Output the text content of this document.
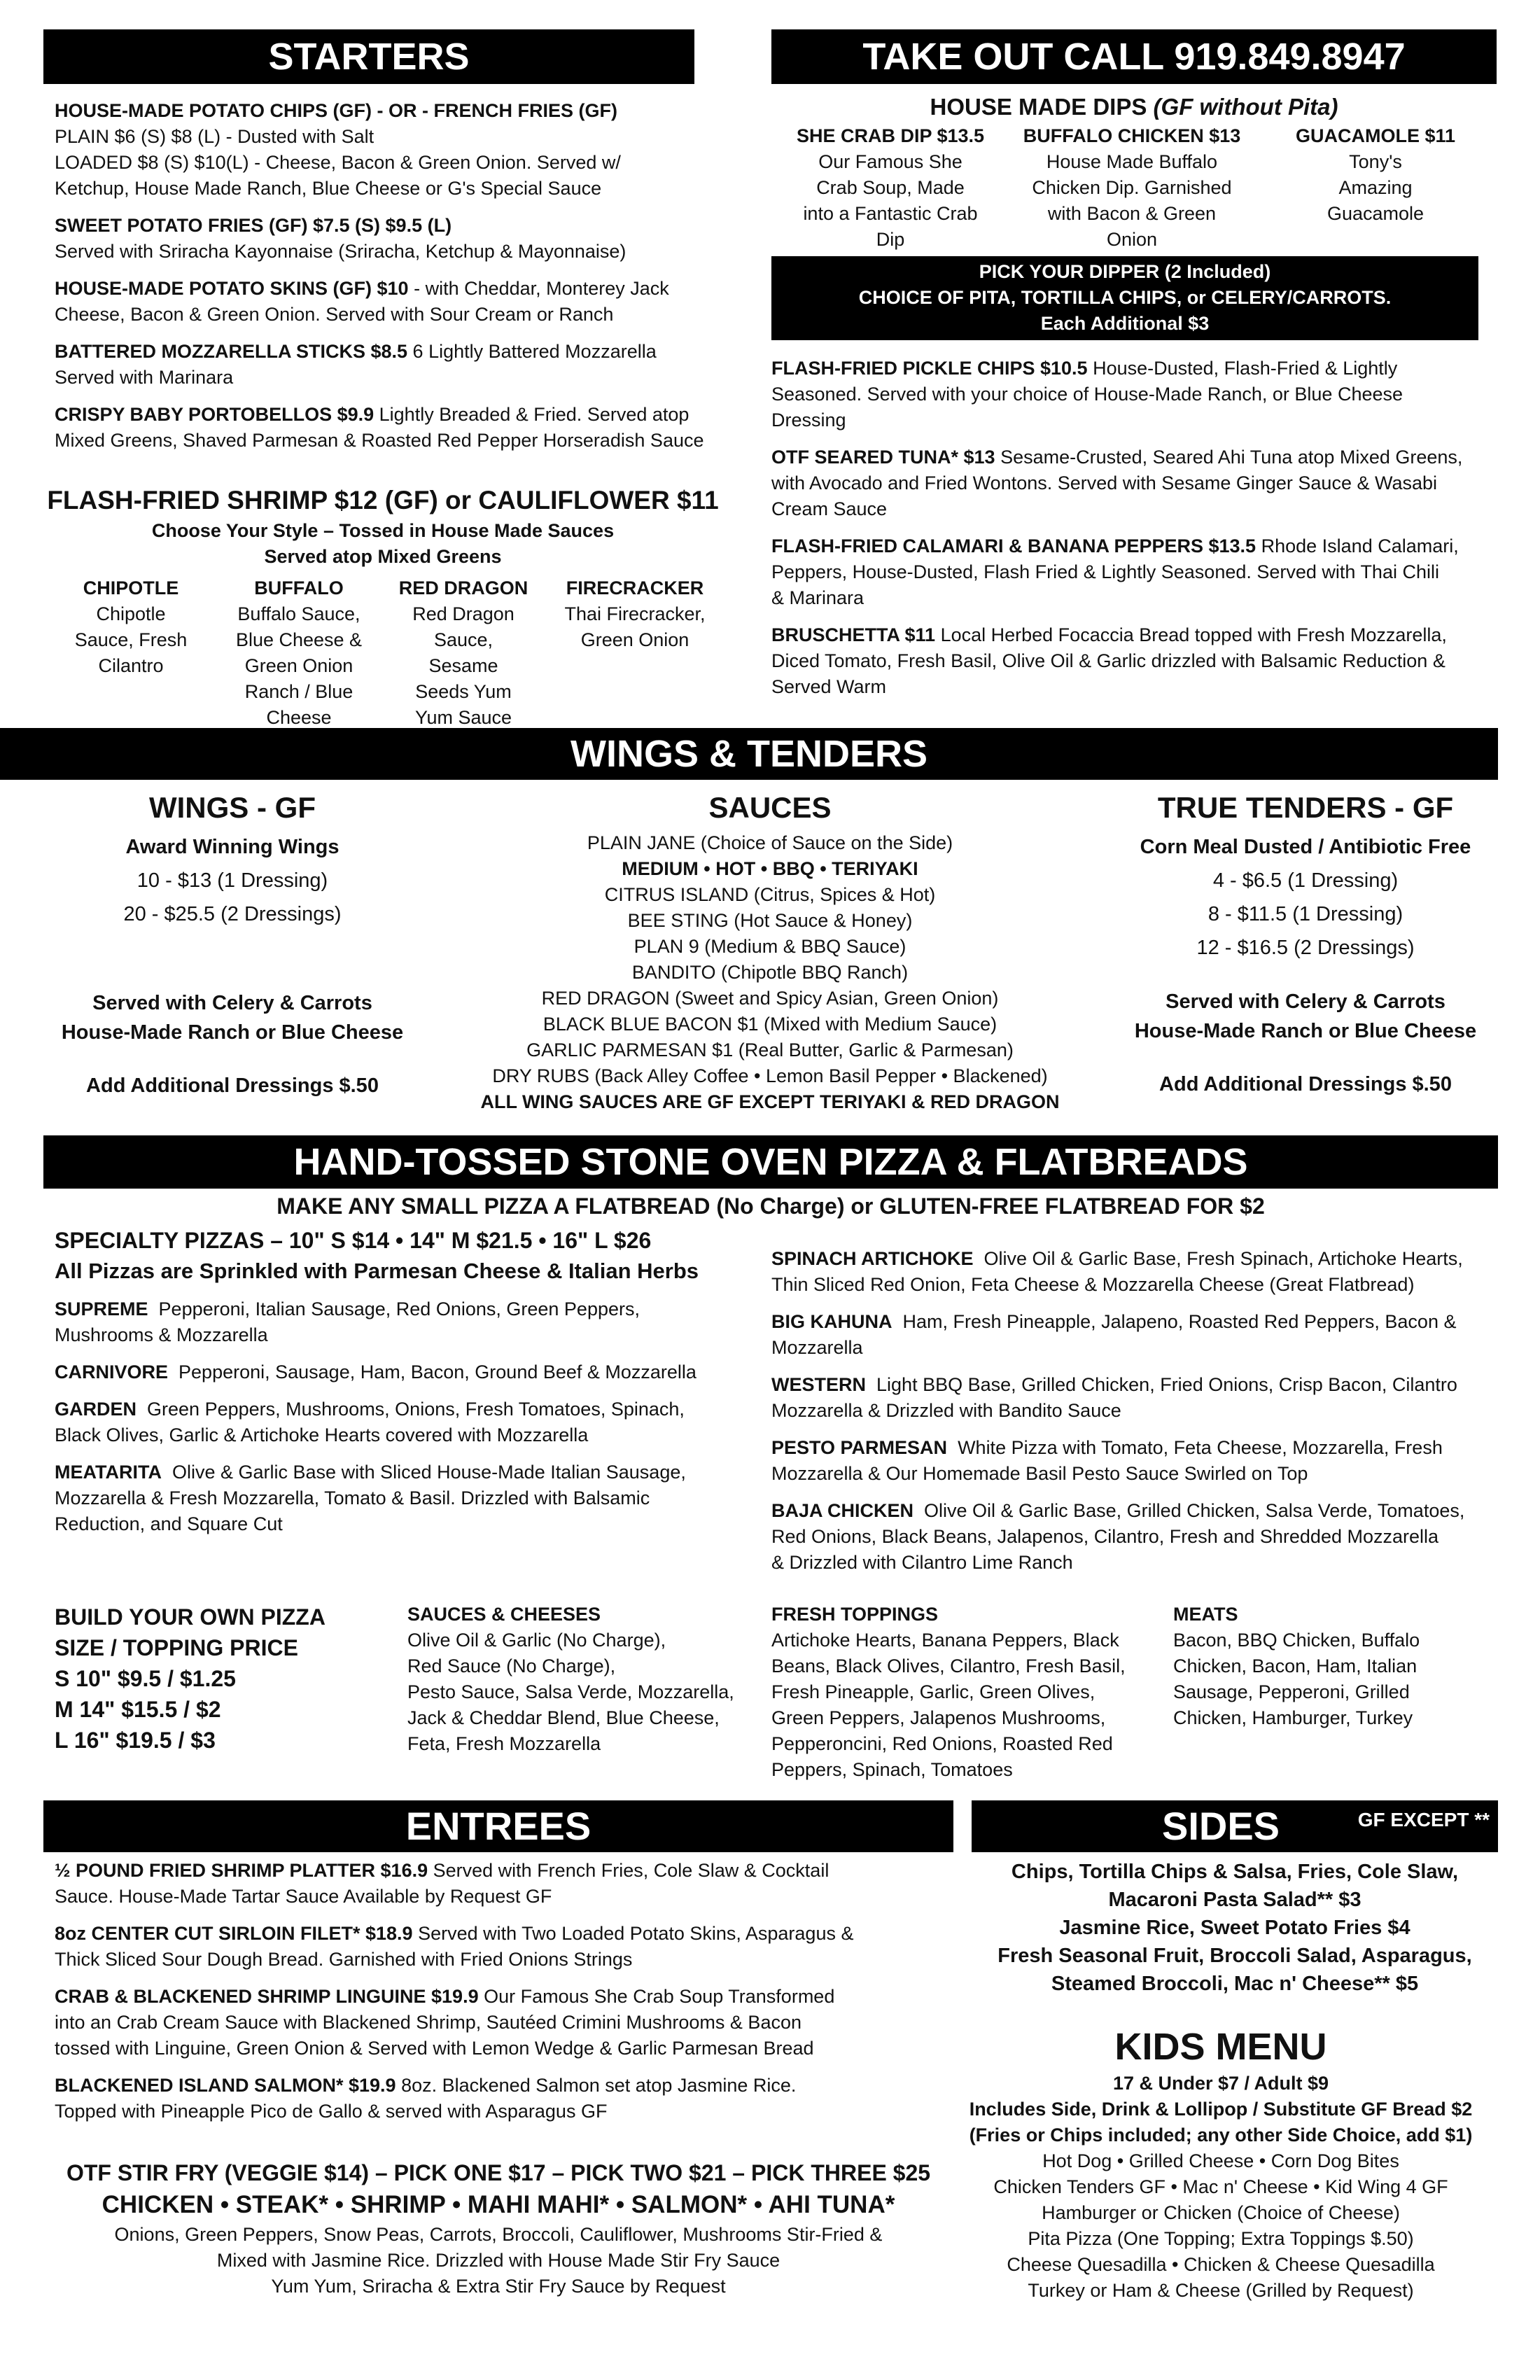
STARTERS
HOUSE-MADE POTATO CHIPS (GF) - OR - FRENCH FRIES (GF)
PLAIN $6 (S) $8 (L) - Dusted with Salt
LOADED $8 (S) $10(L) - Cheese, Bacon & Green Onion. Served w/
Ketchup, House Made Ranch, Blue Cheese or G's Special Sauce
SWEET POTATO FRIES (GF) $7.5 (S) $9.5 (L)
Served with Sriracha Kayonnaise (Sriracha, Ketchup & Mayonnaise)
HOUSE-MADE POTATO SKINS (GF) $10 - with Cheddar, Monterey Jack
Cheese, Bacon & Green Onion. Served with Sour Cream or Ranch
BATTERED MOZZARELLA STICKS $8.5 6 Lightly Battered Mozzarella
Served with Marinara
CRISPY BABY PORTOBELLOS $9.9 Lightly Breaded & Fried. Served atop
Mixed Greens, Shaved Parmesan & Roasted Red Pepper Horseradish Sauce
FLASH-FRIED SHRIMP $12 (GF) or CAULIFLOWER $11
Choose Your Style – Tossed in House Made Sauces
Served atop Mixed Greens
CHIPOTLE
Chipotle Sauce, Fresh Cilantro
BUFFALO
Buffalo Sauce, Blue Cheese & Green Onion Ranch / Blue Cheese
RED DRAGON
Red Dragon Sauce, Sesame Seeds Yum Yum Sauce
FIRECRACKER
Thai Firecracker, Green Onion
TAKE OUT CALL 919.849.8947
HOUSE MADE DIPS (GF without Pita)
SHE CRAB DIP $13.5
Our Famous She Crab Soup, Made into a Fantastic Crab Dip
BUFFALO CHICKEN $13
House Made Buffalo Chicken Dip. Garnished with Bacon & Green Onion
GUACAMOLE $11
Tony's Amazing Guacamole
PICK YOUR DIPPER (2 Included)
CHOICE OF PITA, TORTILLA CHIPS, or CELERY/CARROTS.
Each Additional $3
FLASH-FRIED PICKLE CHIPS $10.5 House-Dusted, Flash-Fried & Lightly
Seasoned. Served with your choice of House-Made Ranch, or Blue Cheese
Dressing
OTF SEARED TUNA* $13 Sesame-Crusted, Seared Ahi Tuna atop Mixed Greens,
with Avocado and Fried Wontons. Served with Sesame Ginger Sauce & Wasabi
Cream Sauce
FLASH-FRIED CALAMARI & BANANA PEPPERS $13.5 Rhode Island Calamari,
Peppers, House-Dusted, Flash Fried & Lightly Seasoned. Served with Thai Chili
& Marinara
BRUSCHETTA $11 Local Herbed Focaccia Bread topped with Fresh Mozzarella,
Diced Tomato, Fresh Basil, Olive Oil & Garlic drizzled with Balsamic Reduction &
Served Warm
WINGS & TENDERS
WINGS - GF
Award Winning Wings
10 - $13 (1 Dressing)
20 - $25.5 (2 Dressings)
Served with Celery & Carrots
House-Made Ranch or Blue Cheese
Add Additional Dressings $.50
SAUCES
PLAIN JANE (Choice of Sauce on the Side)
MEDIUM • HOT • BBQ • TERIYAKI
CITRUS ISLAND (Citrus, Spices & Hot)
BEE STING (Hot Sauce & Honey)
PLAN 9 (Medium & BBQ Sauce)
BANDITO (Chipotle BBQ Ranch)
RED DRAGON (Sweet and Spicy Asian, Green Onion)
BLACK BLUE BACON $1 (Mixed with Medium Sauce)
GARLIC PARMESAN $1 (Real Butter, Garlic & Parmesan)
DRY RUBS (Back Alley Coffee • Lemon Basil Pepper • Blackened)
ALL WING SAUCES ARE GF EXCEPT TERIYAKI & RED DRAGON
TRUE TENDERS - GF
Corn Meal Dusted / Antibiotic Free
4 - $6.5 (1 Dressing)
8 - $11.5 (1 Dressing)
12 - $16.5 (2 Dressings)
Served with Celery & Carrots
House-Made Ranch or Blue Cheese
Add Additional Dressings $.50
HAND-TOSSED STONE OVEN PIZZA & FLATBREADS
MAKE ANY SMALL PIZZA A FLATBREAD (No Charge) or GLUTEN-FREE FLATBREAD FOR $2
SPECIALTY PIZZAS – 10" S $14 • 14" M $21.5 • 16" L $26
All Pizzas are Sprinkled with Parmesan Cheese & Italian Herbs
SUPREME Pepperoni, Italian Sausage, Red Onions, Green Peppers,
Mushrooms & Mozzarella
CARNIVORE Pepperoni, Sausage, Ham, Bacon, Ground Beef & Mozzarella
GARDEN Green Peppers, Mushrooms, Onions, Fresh Tomatoes, Spinach,
Black Olives, Garlic & Artichoke Hearts covered with Mozzarella
MEATARITA Olive & Garlic Base with Sliced House-Made Italian Sausage,
Mozzarella & Fresh Mozzarella, Tomato & Basil. Drizzled with Balsamic
Reduction, and Square Cut
SPINACH ARTICHOKE Olive Oil & Garlic Base, Fresh Spinach, Artichoke Hearts,
Thin Sliced Red Onion, Feta Cheese & Mozzarella Cheese (Great Flatbread)
BIG KAHUNA Ham, Fresh Pineapple, Jalapeno, Roasted Red Peppers, Bacon &
Mozzarella
WESTERN Light BBQ Base, Grilled Chicken, Fried Onions, Crisp Bacon, Cilantro
Mozzarella & Drizzled with Bandito Sauce
PESTO PARMESAN White Pizza with Tomato, Feta Cheese, Mozzarella, Fresh
Mozzarella & Our Homemade Basil Pesto Sauce Swirled on Top
BAJA CHICKEN Olive Oil & Garlic Base, Grilled Chicken, Salsa Verde, Tomatoes,
Red Onions, Black Beans, Jalapenos, Cilantro, Fresh and Shredded Mozzarella
& Drizzled with Cilantro Lime Ranch
BUILD YOUR OWN PIZZA
SIZE / TOPPING PRICE
S 10" $9.5 / $1.25
M 14" $15.5 / $2
L 16" $19.5 / $3
SAUCES & CHEESES
Olive Oil & Garlic (No Charge),
Red Sauce (No Charge),
Pesto Sauce, Salsa Verde, Mozzarella,
Jack & Cheddar Blend, Blue Cheese,
Feta, Fresh Mozzarella
FRESH TOPPINGS
Artichoke Hearts, Banana Peppers, Black
Beans, Black Olives, Cilantro, Fresh Basil,
Fresh Pineapple, Garlic, Green Olives,
Green Peppers, Jalapenos Mushrooms,
Pepperoncini, Red Onions, Roasted Red
Peppers, Spinach, Tomatoes
MEATS
Bacon, BBQ Chicken, Buffalo
Chicken, Bacon, Ham, Italian
Sausage, Pepperoni, Grilled
Chicken, Hamburger, Turkey
ENTREES
½ POUND FRIED SHRIMP PLATTER $16.9 Served with French Fries, Cole Slaw & Cocktail
Sauce. House-Made Tartar Sauce Available by Request GF
8oz CENTER CUT SIRLOIN FILET* $18.9 Served with Two Loaded Potato Skins, Asparagus &
Thick Sliced Sour Dough Bread. Garnished with Fried Onions Strings
CRAB & BLACKENED SHRIMP LINGUINE $19.9 Our Famous She Crab Soup Transformed
into an Crab Cream Sauce with Blackened Shrimp, Sautéed Crimini Mushrooms & Bacon
tossed with Linguine, Green Onion & Served with Lemon Wedge & Garlic Parmesan Bread
BLACKENED ISLAND SALMON* $19.9 8oz. Blackened Salmon set atop Jasmine Rice.
Topped with Pineapple Pico de Gallo & served with Asparagus GF
OTF STIR FRY (VEGGIE $14) – PICK ONE $17 – PICK TWO $21 – PICK THREE $25
CHICKEN • STEAK* • SHRIMP • MAHI MAHI* • SALMON* • AHI TUNA*
Onions, Green Peppers, Snow Peas, Carrots, Broccoli, Cauliflower, Mushrooms Stir-Fried &
Mixed with Jasmine Rice. Drizzled with House Made Stir Fry Sauce
Yum Yum, Sriracha & Extra Stir Fry Sauce by Request
SIDES	GF EXCEPT **
Chips, Tortilla Chips & Salsa, Fries, Cole Slaw,
Macaroni Pasta Salad** $3
Jasmine Rice, Sweet Potato Fries $4
Fresh Seasonal Fruit, Broccoli Salad, Asparagus,
Steamed Broccoli, Mac n' Cheese** $5
KIDS MENU
17 & Under $7 / Adult $9
Includes Side, Drink & Lollipop / Substitute GF Bread $2
(Fries or Chips included; any other Side Choice, add $1)
Hot Dog • Grilled Cheese • Corn Dog Bites
Chicken Tenders GF • Mac n' Cheese • Kid Wing 4 GF
Hamburger or Chicken (Choice of Cheese)
Pita Pizza (One Topping; Extra Toppings $.50)
Cheese Quesadilla • Chicken & Cheese Quesadilla
Turkey or Ham & Cheese (Grilled by Request)
